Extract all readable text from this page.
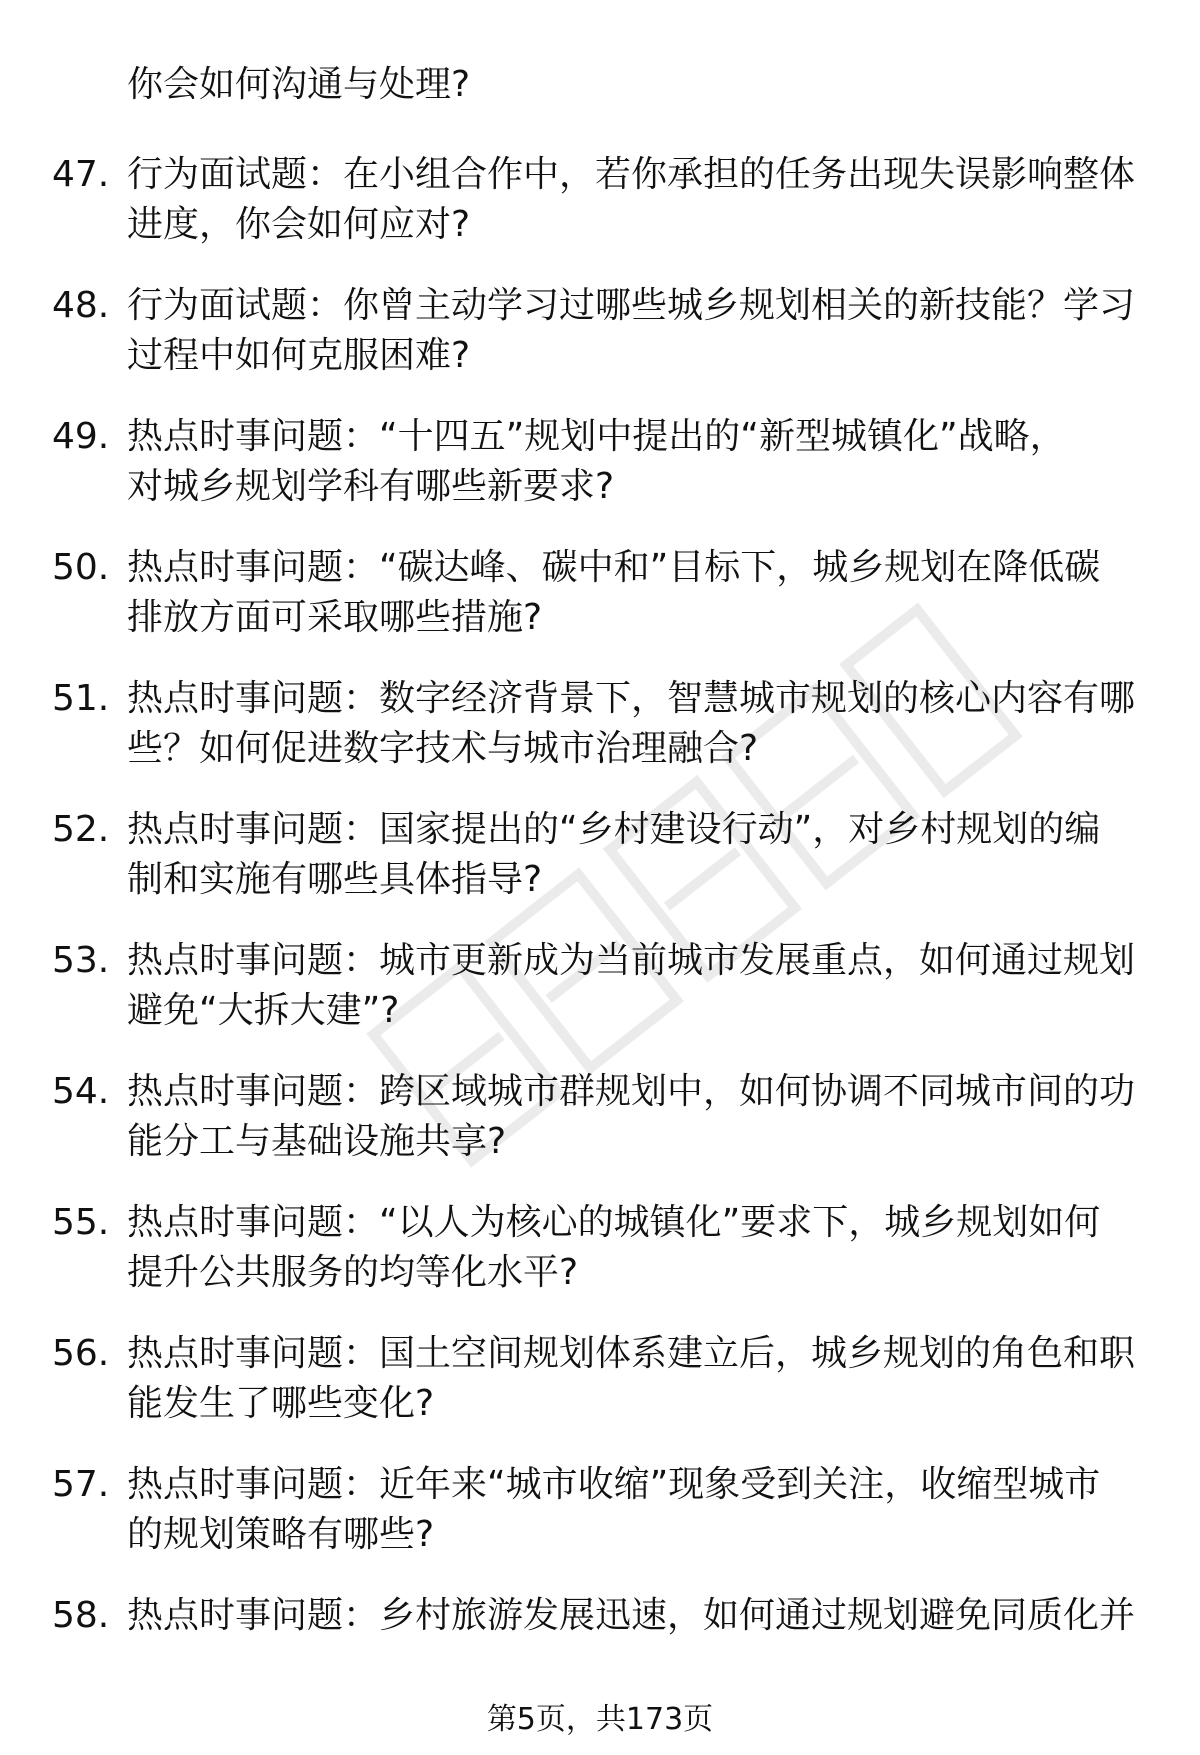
你会如何沟通与处理?
47. 行为面试题：在小组合作中，若你承担的任务出现失误影响整体
进度，你会如何应对?
48. 行为面试题：你曾主动学习过哪些城乡规划相关的新技能？学习
过程中如何克服困难?
49. 热点时事问题：“十四五”规划中提出的“新型城镇化”战略，
对城乡规划学科有哪些新要求?
50. 热点时事问题：“碳达峰、碳中和”目标下，城乡规划在降低碳
排放方面可采取哪些措施?
51. 热点时事问题：数字经济背景下，智慧城市规划的核心内容有哪
些？如何促进数字技术与城市治理融合?
52. 热点时事问题：国家提出的“乡村建设行动”，对乡村规划的编
制和实施有哪些具体指导?
53. 热点时事问题：城市更新成为当前城市发展重点，如何通过规划
避免“大拆大建”?
54. 热点时事问题：跨区域城市群规划中，如何协调不同城市间的功
能分工与基础设施共享?
55. 热点时事问题：“以人为核心的城镇化”要求下，城乡规划如何
提升公共服务的均等化水平?
56. 热点时事问题：国土空间规划体系建立后，城乡规划的角色和职
能发生了哪些变化?
57. 热点时事问题：近年来“城市收缩”现象受到关注，收缩型城市
的规划策略有哪些?
58. 热点时事问题：乡村旅游发展迅速，如何通过规划避免同质化并
第5页，共173页
